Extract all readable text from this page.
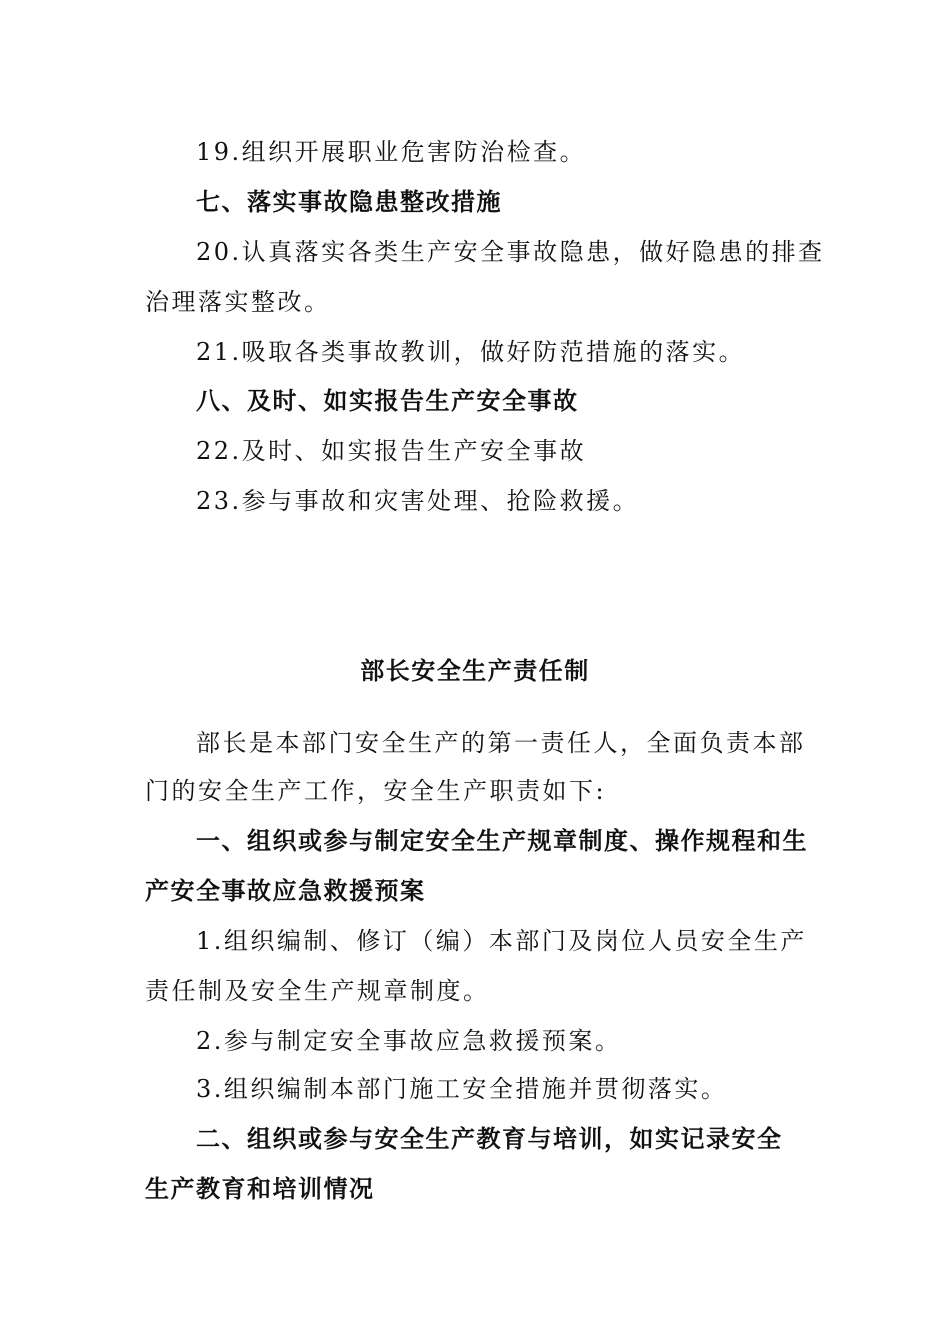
19.组织开展职业危害防治检查。

七、落实事故隐患整改措施

20.认真落实各类生产安全事故隐患，做好隐患的排查

治理落实整改。

21.吸取各类事故教训，做好防范措施的落实。

八、及时、如实报告生产安全事故

22.及时、如实报告生产安全事故

23.参与事故和灾害处理、抢险救援。

部长安全生产责任制

部长是本部门安全生产的第一责任人，全面负责本部

门的安全生产工作，安全生产职责如下:

一、组织或参与制定安全生产规章制度、操作规程和生

产安全事故应急救援预案

1.组织编制、修订（编）本部门及岗位人员安全生产

责任制及安全生产规章制度。

2.参与制定安全事故应急救援预案。

3.组织编制本部门施工安全措施并贯彻落实。

二、组织或参与安全生产教育与培训，如实记录安全

生产教育和培训情况
